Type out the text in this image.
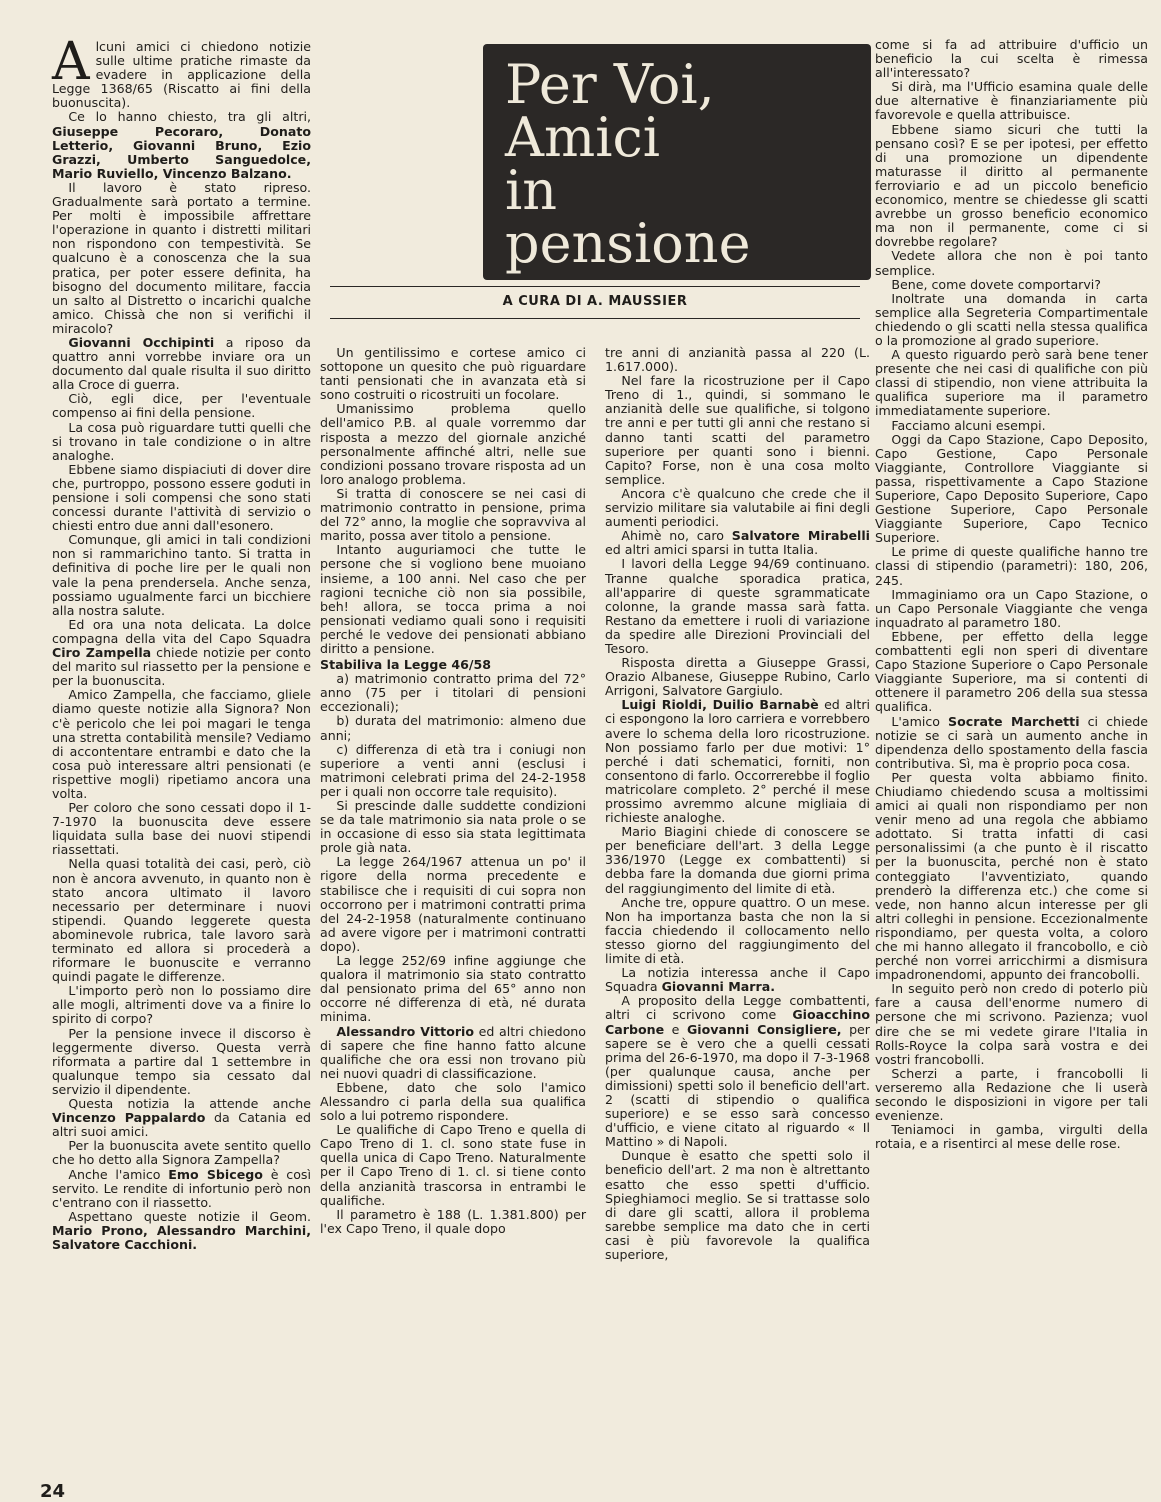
Per Voi,
Amici
in
pensione
A CURA DI A. MAUSSIER

Alcuni amici ci chiedono notizie sulle ultime pratiche rimaste da evadere in applicazione della Legge 1368/65 (Riscatto ai fini della buonuscita).

Ce lo hanno chiesto, tra gli altri, Giuseppe Pecoraro, Donato Letterio, Giovanni Bruno, Ezio Grazzi, Umberto Sanguedolce, Mario Ruviello, Vincenzo Balzano.

Il lavoro è stato ripreso. Gradualmente sarà portato a termine. Per molti è impossibile affrettare l'operazione in quanto i distretti militari non rispondono con tempestività. Se qualcuno è a conoscenza che la sua pratica, per poter essere definita, ha bisogno del documento militare, faccia un salto al Distretto o incarichi qualche amico. Chissà che non si verifichi il miracolo?

Giovanni Occhipinti a riposo da quattro anni vorrebbe inviare ora un documento dal quale risulta il suo diritto alla Croce di guerra.

Ciò, egli dice, per l'eventuale compenso ai fini della pensione.

La cosa può riguardare tutti quelli che si trovano in tale condizione o in altre analoghe.

Ebbene siamo dispiaciuti di dover dire che, purtroppo, possono essere goduti in pensione i soli compensi che sono stati concessi durante l'attività di servizio o chiesti entro due anni dall'esonero.

Comunque, gli amici in tali condizioni non si rammarichino tanto. Si tratta in definitiva di poche lire per le quali non vale la pena prendersela. Anche senza, possiamo ugualmente farci un bicchiere alla nostra salute.

Ed ora una nota delicata. La dolce compagna della vita del Capo Squadra Ciro Zampella chiede notizie per conto del marito sul riassetto per la pensione e per la buonuscita.

Amico Zampella, che facciamo, gliele diamo queste notizie alla Signora? Non c'è pericolo che lei poi magari le tenga una stretta contabilità mensile? Vediamo di accontentare entrambi e dato che la cosa può interessare altri pensionati (e rispettive mogli) ripetiamo ancora una volta.

Per coloro che sono cessati dopo il 1-7-1970 la buonuscita deve essere liquidata sulla base dei nuovi stipendi riassettati.

Nella quasi totalità dei casi, però, ciò non è ancora avvenuto, in quanto non è stato ancora ultimato il lavoro necessario per determinare i nuovi stipendi. Quando leggerete questa abominevole rubrica, tale lavoro sarà terminato ed allora si procederà a riformare le buonuscite e verranno quindi pagate le differenze.

L'importo però non lo possiamo dire alle mogli, altrimenti dove va a finire lo spirito di corpo?

Per la pensione invece il discorso è leggermente diverso. Questa verrà riformata a partire dal 1 settembre in qualunque tempo sia cessato dal servizio il dipendente.

Questa notizia la attende anche Vincenzo Pappalardo da Catania ed altri suoi amici.

Per la buonuscita avete sentito quello che ho detto alla Signora Zampella?

Anche l'amico Emo Sbicego è così servito. Le rendite di infortunio però non c'entrano con il riassetto.

Aspettano queste notizie il Geom. Mario Prono, Alessandro Marchini, Salvatore Cacchioni.

Un gentilissimo e cortese amico ci sottopone un quesito che può riguardare tanti pensionati che in avanzata età si sono costruiti o ricostruiti un focolare.

Umanissimo problema quello dell'amico P.B. al quale vorremmo dar risposta a mezzo del giornale anziché personalmente affinché altri, nelle sue condizioni possano trovare risposta ad un loro analogo problema.

Si tratta di conoscere se nei casi di matrimonio contratto in pensione, prima del 72° anno, la moglie che sopravviva al marito, possa aver titolo a pensione.

Intanto auguriamoci che tutte le persone che si vogliono bene muoiano insieme, a 100 anni. Nel caso che per ragioni tecniche ciò non sia possibile, beh! allora, se tocca prima a noi pensionati vediamo quali sono i requisiti perché le vedove dei pensionati abbiano diritto a pensione.

Stabiliva la Legge 46/58

a) matrimonio contratto prima del 72° anno (75 per i titolari di pensioni eccezionali);

b) durata del matrimonio: almeno due anni;

c) differenza di età tra i coniugi non superiore a venti anni (esclusi i matrimoni celebrati prima del 24-2-1958 per i quali non occorre tale requisito).

Si prescinde dalle suddette condizioni se da tale matrimonio sia nata prole o se in occasione di esso sia stata legittimata prole già nata.

La legge 264/1967 attenua un po' il rigore della norma precedente e stabilisce che i requisiti di cui sopra non occorrono per i matrimoni contratti prima del 24-2-1958 (naturalmente continuano ad avere vigore per i matrimoni contratti dopo).

La legge 252/69 infine aggiunge che qualora il matrimonio sia stato contratto dal pensionato prima del 65° anno non occorre né differenza di età, né durata minima.

Alessandro Vittorio ed altri chiedono di sapere che fine hanno fatto alcune qualifiche che ora essi non trovano più nei nuovi quadri di classificazione.

Ebbene, dato che solo l'amico Alessandro ci parla della sua qualifica solo a lui potremo rispondere.

Le qualifiche di Capo Treno e quella di Capo Treno di 1. cl. sono state fuse in quella unica di Capo Treno. Naturalmente per il Capo Treno di 1. cl. si tiene conto della anzianità trascorsa in entrambi le qualifiche.

Il parametro è 188 (L. 1.381.800) per l'ex Capo Treno, il quale dopo

tre anni di anzianità passa al 220 (L. 1.617.000).

Nel fare la ricostruzione per il Capo Treno di 1., quindi, si sommano le anzianità delle sue qualifiche, si tolgono tre anni e per tutti gli anni che restano si danno tanti scatti del parametro superiore per quanti sono i bienni. Capito? Forse, non è una cosa molto semplice.

Ancora c'è qualcuno che crede che il servizio militare sia valutabile ai fini degli aumenti periodici.

Ahimè no, caro Salvatore Mirabelli ed altri amici sparsi in tutta Italia.

I lavori della Legge 94/69 continuano. Tranne qualche sporadica pratica, all'apparire di queste sgrammaticate colonne, la grande massa sarà fatta. Restano da emettere i ruoli di variazione da spedire alle Direzioni Provinciali del Tesoro.

Risposta diretta a Giuseppe Grassi, Orazio Albanese, Giuseppe Rubino, Carlo Arrigoni, Salvatore Gargiulo.

Luigi Rioldi, Duilio Barnabè ed altri ci espongono la loro carriera e vorrebbero avere lo schema della loro ricostruzione. Non possiamo farlo per due motivi: 1° perché i dati schematici, forniti, non consentono di farlo. Occorrerebbe il foglio matricolare completo. 2° perché il mese prossimo avremmo alcune migliaia di richieste analoghe.

Mario Biagini chiede di conoscere se per beneficiare dell'art. 3 della Legge 336/1970 (Legge ex combattenti) si debba fare la domanda due giorni prima del raggiungimento del limite di età.

Anche tre, oppure quattro. O un mese. Non ha importanza basta che non la si faccia chiedendo il collocamento nello stesso giorno del raggiungimento del limite di età.

La notizia interessa anche il Capo Squadra Giovanni Marra.

A proposito della Legge combattenti, altri ci scrivono come Gioacchino Carbone e Giovanni Consigliere, per sapere se è vero che a quelli cessati prima del 26-6-1970, ma dopo il 7-3-1968 (per qualunque causa, anche per dimissioni) spetti solo il beneficio dell'art. 2 (scatti di stipendio o qualifica superiore) e se esso sarà concesso d'ufficio, e viene citato al riguardo « Il Mattino » di Napoli.

Dunque è esatto che spetti solo il beneficio dell'art. 2 ma non è altrettanto esatto che esso spetti d'ufficio. Spieghiamoci meglio. Se si trattasse solo di dare gli scatti, allora il problema sarebbe semplice ma dato che in certi casi è più favorevole la qualifica superiore,

come si fa ad attribuire d'ufficio un beneficio la cui scelta è rimessa all'interessato?

Si dirà, ma l'Ufficio esamina quale delle due alternative è finanziariamente più favorevole e quella attribuisce.

Ebbene siamo sicuri che tutti la pensano così? E se per ipotesi, per effetto di una promozione un dipendente maturasse il diritto al permanente ferroviario e ad un piccolo beneficio economico, mentre se chiedesse gli scatti avrebbe un grosso beneficio economico ma non il permanente, come ci si dovrebbe regolare?

Vedete allora che non è poi tanto semplice.

Bene, come dovete comportarvi?

Inoltrate una domanda in carta semplice alla Segreteria Compartimentale chiedendo o gli scatti nella stessa qualifica o la promozione al grado superiore.

A questo riguardo però sarà bene tener presente che nei casi di qualifiche con più classi di stipendio, non viene attribuita la qualifica superiore ma il parametro immediatamente superiore.

Facciamo alcuni esempi.

Oggi da Capo Stazione, Capo Deposito, Capo Gestione, Capo Personale Viaggiante, Controllore Viaggiante si passa, rispettivamente a Capo Stazione Superiore, Capo Deposito Superiore, Capo Gestione Superiore, Capo Personale Viaggiante Superiore, Capo Tecnico Superiore.

Le prime di queste qualifiche hanno tre classi di stipendio (parametri): 180, 206, 245.

Immaginiamo ora un Capo Stazione, o un Capo Personale Viaggiante che venga inquadrato al parametro 180.

Ebbene, per effetto della legge combattenti egli non speri di diventare Capo Stazione Superiore o Capo Personale Viaggiante Superiore, ma si contenti di ottenere il parametro 206 della sua stessa qualifica.

L'amico Socrate Marchetti ci chiede notizie se ci sarà un aumento anche in dipendenza dello spostamento della fascia contributiva. Sì, ma è proprio poca cosa.

Per questa volta abbiamo finito. Chiudiamo chiedendo scusa a moltissimi amici ai quali non rispondiamo per non venir meno ad una regola che abbiamo adottato. Si tratta infatti di casi personalissimi (a che punto è il riscatto per la buonuscita, perché non è stato conteggiato l'avventiziato, quando prenderò la differenza etc.) che come si vede, non hanno alcun interesse per gli altri colleghi in pensione. Eccezionalmente rispondiamo, per questa volta, a coloro che mi hanno allegato il francobollo, e ciò perché non vorrei arricchirmi a dismisura impadronendomi, appunto dei francobolli.

In seguito però non credo di poterlo più fare a causa dell'enorme numero di persone che mi scrivono. Pazienza; vuol dire che se mi vedete girare l'Italia in Rolls-Royce la colpa sarà vostra e dei vostri francobolli.

Scherzi a parte, i francobolli li verseremo alla Redazione che li userà secondo le disposizioni in vigore per tali evenienze.

Teniamoci in gamba, virgulti della rotaia, e a risentirci al mese delle rose.

24
